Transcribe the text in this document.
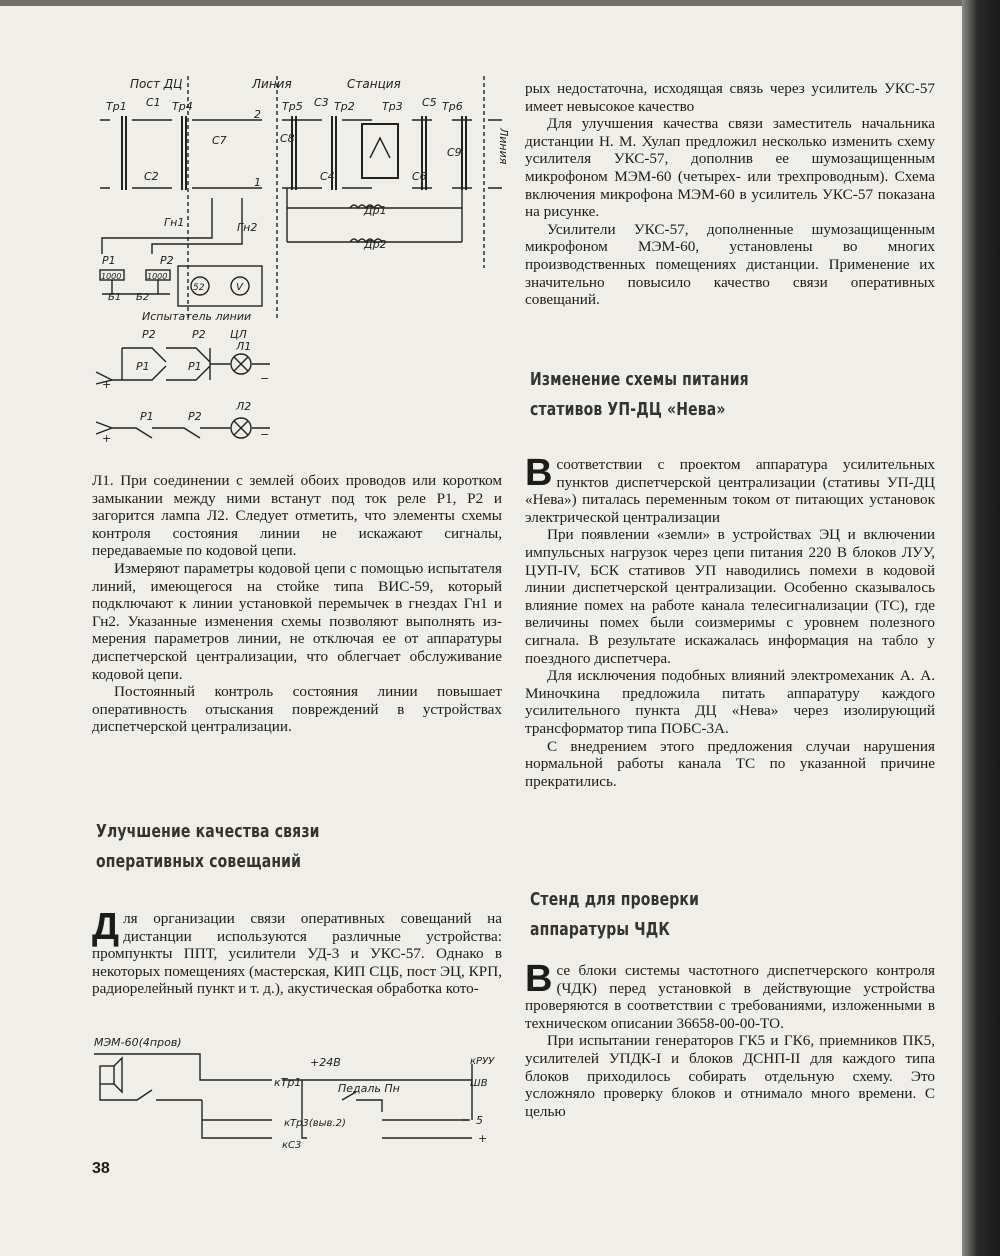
Пост ДЦ	Линия	Станция
Линия
Тр1 С1 Тр4
С7
С2
2
1
Тр5 С3 Тр2 Тр3 С5 Тр6
С8
С4	С6
С9
Др1
Др2
Гн1	Гн2
Р1	Р2
1000	1000
Б1 Б2
52	V
Испытатель линии
ЦЛ
Р2	Р2
Р1	Р1
Л1
+	−
Р1	Р2
Л2
+	−

рых недостаточна, исходящая связь через усилитель УКС-57 имеет невысокое качество

Для улучшения качества связи заместитель начальника дистанции Н. М. Хулап предложил несколько изменить схему усилителя УКС-57, дополнив ее шумозащищенным микрофоном МЭМ-60 (четырех- или трехпроводным). Схема включения микрофона МЭМ-60 в усилитель УКС-57 показана на рисунке.

Усилители УКС-57, дополненные шумозащищенным микрофоном МЭМ-60, установлены во многих производственных помещениях дистанции. Применение их значительно повысило качество связи оперативных совещаний.

Изменение схемы питания
стативов УП-ДЦ «Нева»

Всоответствии с проектом аппаратура усилительных пунктов диспетчерской централизации (стативы УП-ДЦ «Нева») питалась переменным током от питающих установок электрической централизации

При появлении «земли» в устройствах ЭЦ и включении импульсных нагрузок через цепи питания 220 В блоков ЛУУ, ЦУП-IV, БСК стативов УП наводились помехи в кодовой линии диспетчерской централизации. Особенно сказывалось влияние помех на работе канала телесигнализации (ТС), где величины помех были соизмеримы с уровнем полезного сигнала. В результате искажалась информация на табло у поездного диспетчера.

Для исключения подобных влияний электромеханик А. А. Миночкина предложила питать аппаратуру каждого усилительного пункта ДЦ «Нева» через изолирующий трансформатор типа ПОБС-3А.

С внедрением этого предложения случаи нарушения нормальной работы канала ТС по указанной причине прекратились.

Стенд для проверки
аппаратуры ЧДК

Все блоки системы частотного диспетчерского контроля (ЧДК) перед установкой в действующие устройства проверяются в соответствии с требованиями, изложенными в техническом описании 36658-00-00-ТО.

При испытании генераторов ГК5 и ГК6, приемников ПК5, усилителей УПДК-I и блоков ДСНП-II для каждого типа блоков приходилось собирать отдельную схему. Это усложняло проверку блоков и отнимало много времени. С целью

Л1. При соединении с землей обоих проводов или коротком замыкании между ними встанут под ток реле Р1, Р2 и загорится лампа Л2. Следует отметить, что элементы схемы контроля состояния линии не искажают сигналы, передаваемые по кодовой цепи.

Измеряют параметры кодовой цепи с помощью испытателя линий, имеющегося на стойке типа ВИС-59, который подключают к линии установкой перемычек в гнездах Гн1 и Гн2. Указанные изменения схемы позволяют выполнять измерения параметров линии, не отключая ее от аппаратуры диспетчерской централизации, что облегчает обслуживание кодовой цепи.

Постоянный контроль состояния линии повышает оперативность отыскания повреждений в устройствах диспетчерской централизации.

Улучшение качества связи
оперативных совещаний

Для организации связи оперативных совещаний на дистанции используются различные устройства: промпункты ППТ, усилители УД-3 и УКС-57. Однако в некоторых помещениях (мастерская, КИП СЦБ, пост ЭЦ, КРП, радиорелейный пункт и т. д.), акустическая обработка кото-

МЭМ-60(4пров)
+24В
кТр1	Педаль Пн
кРУУ
ШВ
5
кТр3(выв.2)
кС3
+
38
